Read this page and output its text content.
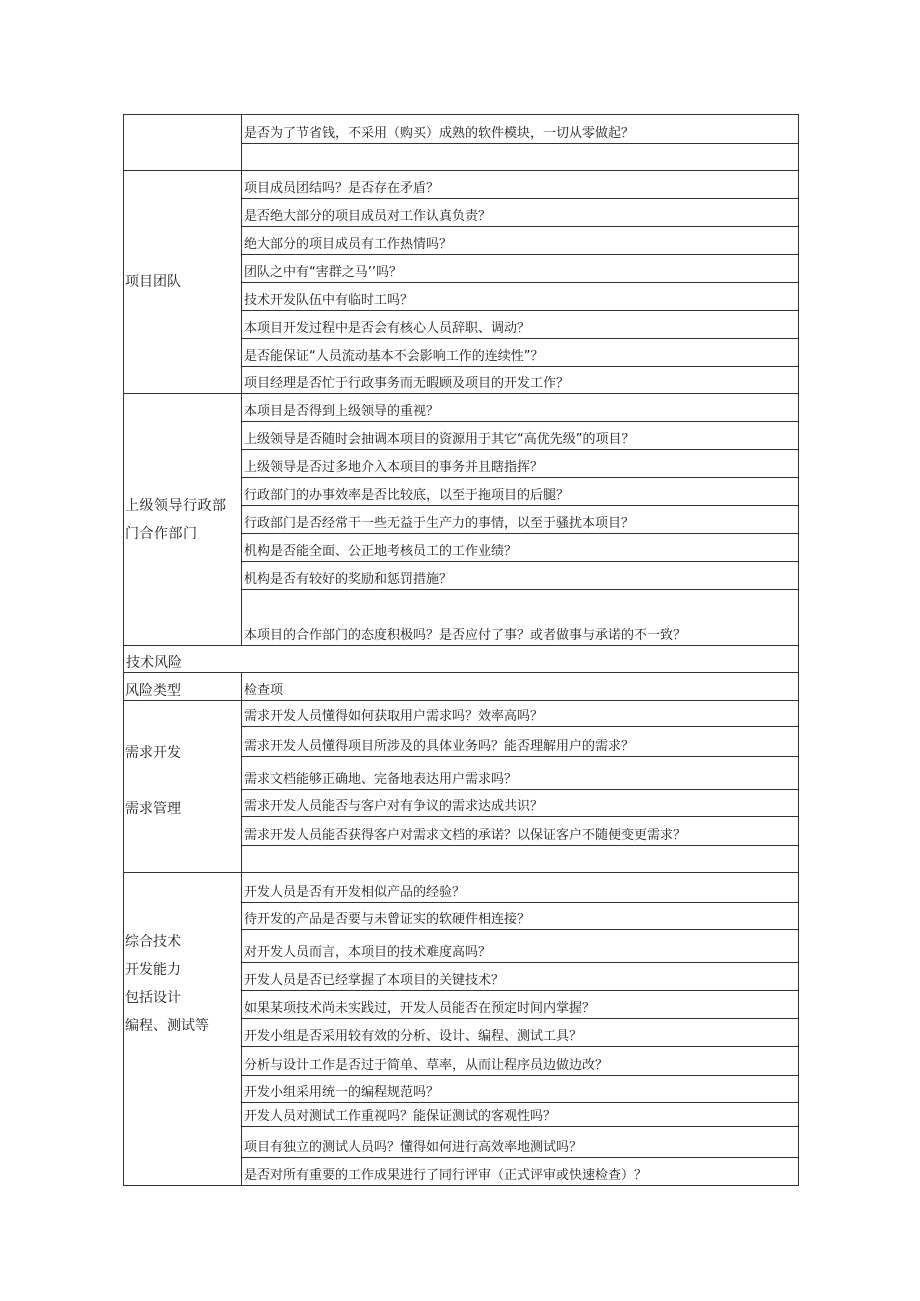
	是否为了节省钱，不采用（购买）成熟的软件模块，一切从零做起？

项目团队	项目成员团结吗？是否存在矛盾？
	是否绝大部分的项目成员对工作认真负责？
	绝大部分的项目成员有工作热情吗？
	团队之中有“害群之马’’吗？
	技术开发队伍中有临时工吗？
	本项目开发过程中是否会有核心人员辞职、调动？
	是否能保证“人员流动基本不会影响工作的连续性”？
	项目经理是否忙于行政事务而无暇顾及项目的开发工作？
上级领导行政部门合作部门	本项目是否得到上级领导的重视？
	上级领导是否随时会抽调本项目的资源用于其它“高优先级”的项目？
	上级领导是否过多地介入本项目的事务并且瞎指挥？
	行政部门的办事效率是否比较底，以至于拖项目的后腿？
	行政部门是否经常干一些无益于生产力的事情，以至于骚扰本项目？
	机构是否能全面、公正地考核员工的工作业绩？
	机构是否有较好的奖励和惩罚措施？
	本项目的合作部门的态度积极吗？是否应付了事？或者做事与承诺的不一致？
技术风险	
风险类型	检查项

需求开发
需求管理	需求开发人员懂得如何获取用户需求吗？效率高吗？
	需求开发人员懂得项目所涉及的具体业务吗？能否理解用户的需求？
	需求文档能够正确地、完备地表达用户需求吗？
	需求开发人员能否与客户对有争议的需求达成共识？
	需求开发人员能否获得客户对需求文档的承诺？以保证客户不随便变更需求？

综合技术
开发能力
包括设计
编程、测试等	开发人员是否有开发相似产品的经验？
	待开发的产品是否要与未曾证实的软硬件相连接？
	对开发人员而言，本项目的技术难度高吗？
	开发人员是否已经掌握了本项目的关键技术？
	如果某项技术尚未实践过，开发人员能否在预定时间内掌握？
	开发小组是否采用较有效的分析、设计、编程、测试工具？
	分析与设计工作是否过于简单、草率，从而让程序员边做边改？
	开发小组采用统一的编程规范吗？
	开发人员对测试工作重视吗？能保证测试的客观性吗？
	项目有独立的测试人员吗？懂得如何进行高效率地测试吗？
	是否对所有重要的工作成果进行了同行评审（正式评审或快速检查）？
